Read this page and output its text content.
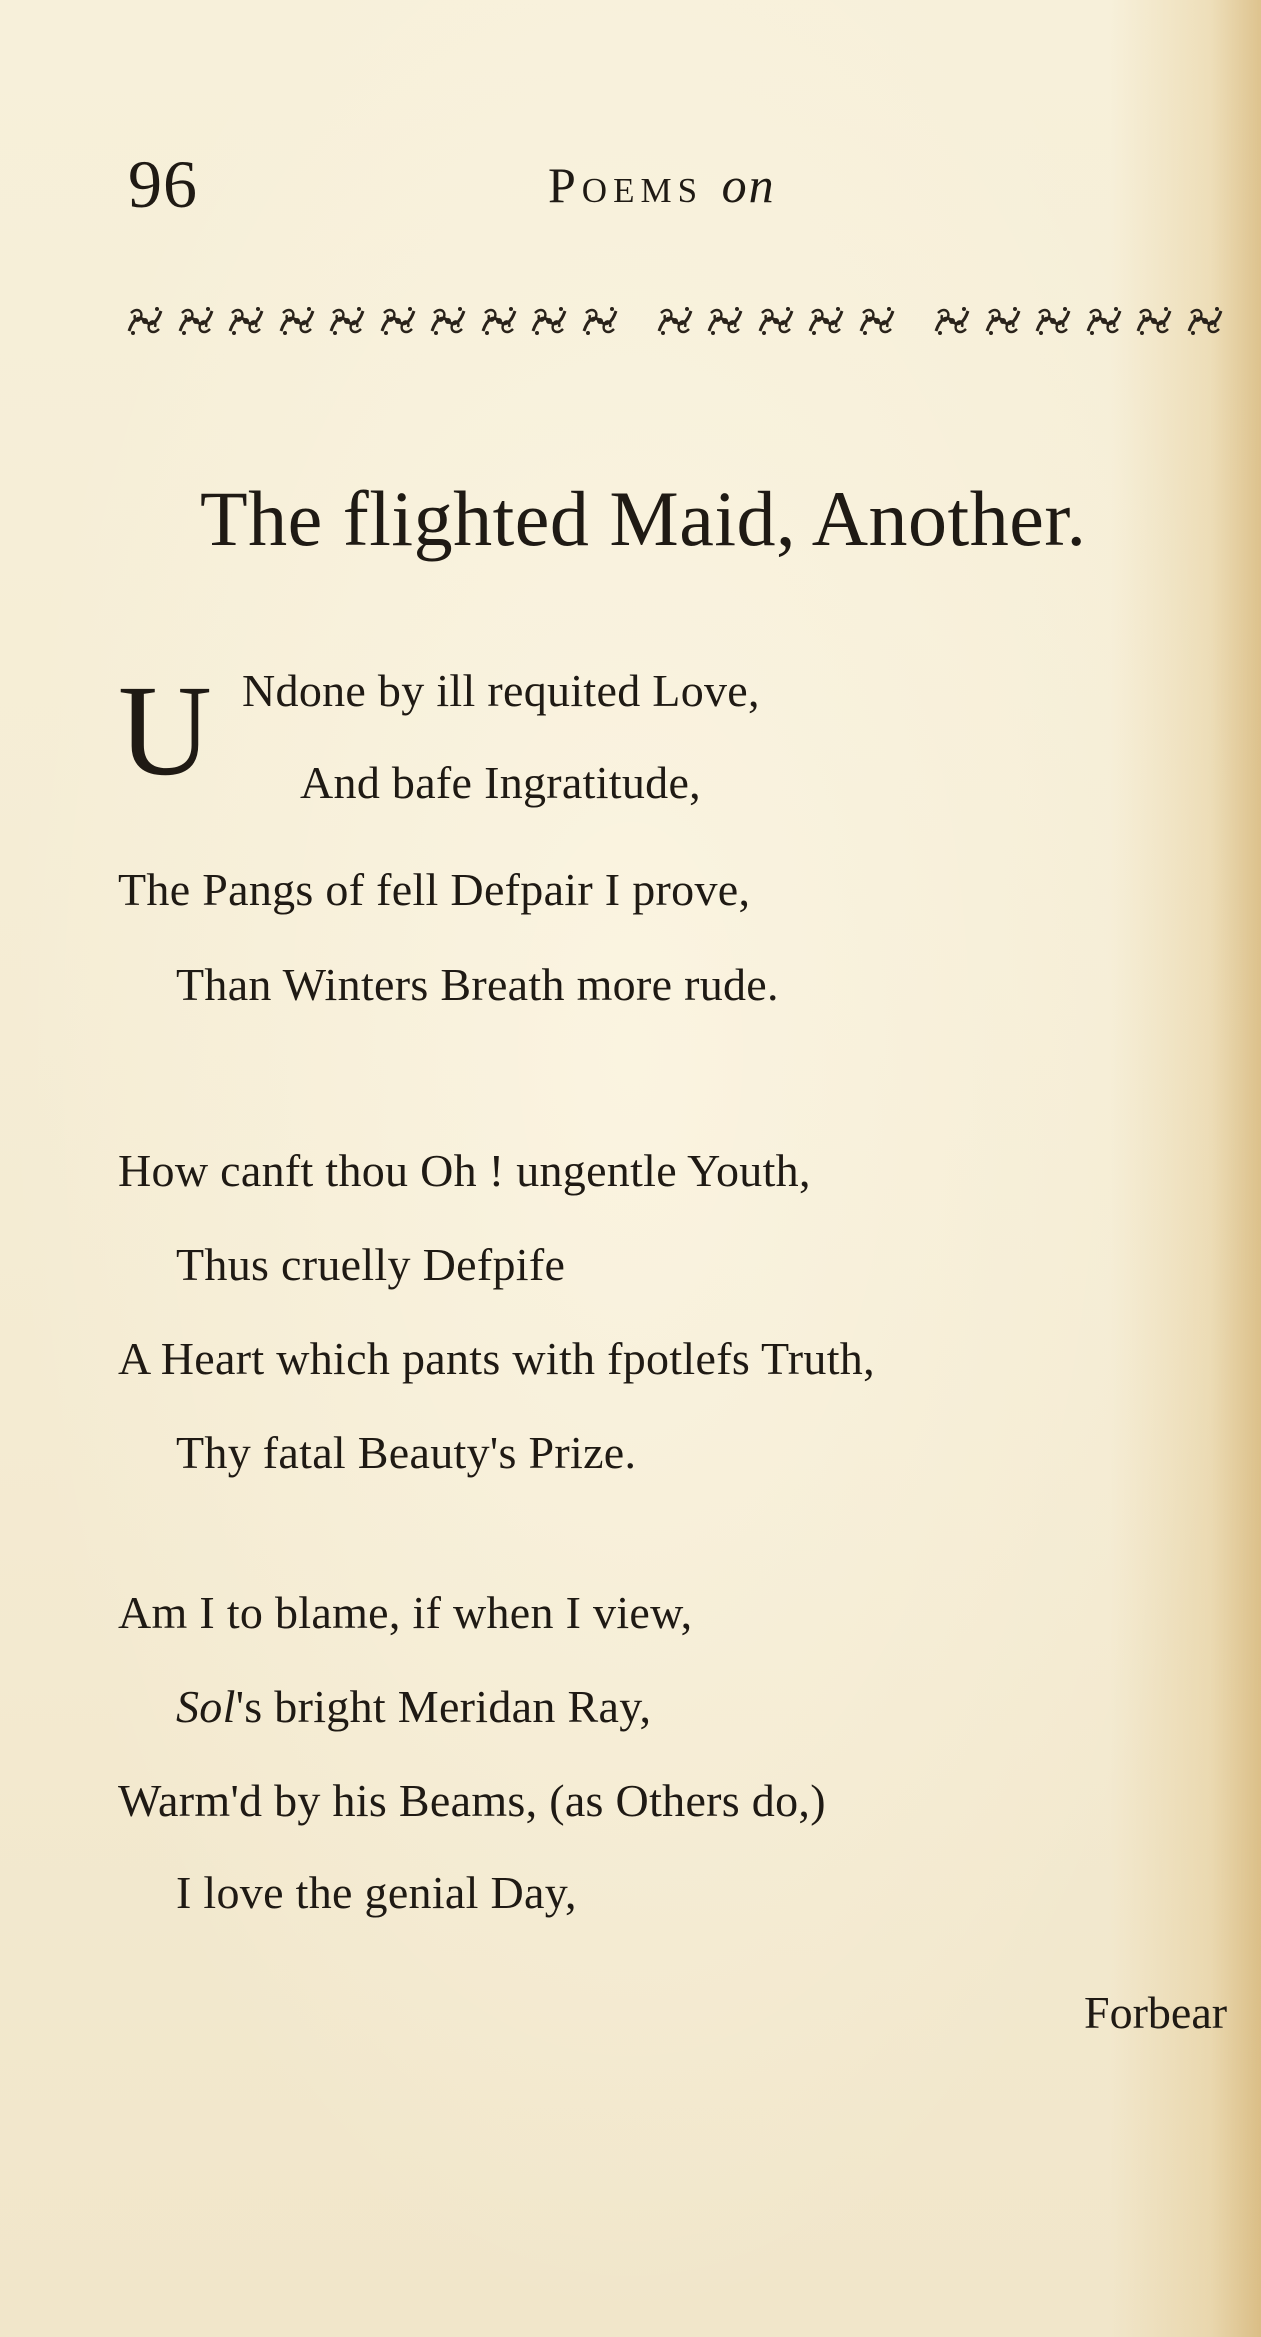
96	Poems on
The flighted Maid, Another.
U Ndone by ill requited Love,
And bafe Ingratitude,
The Pangs of fell Defpair I prove,
Than Winters Breath more rude.
How canft thou Oh ! ungentle Youth,
Thus cruelly Defpife
A Heart which pants with fpotlefs Truth,
Thy fatal Beauty's Prize.
Am I to blame, if when I view,
Sol's bright Meridan Ray,
Warm'd by his Beams, (as Others do,)
I love the genial Day,
Forbear
